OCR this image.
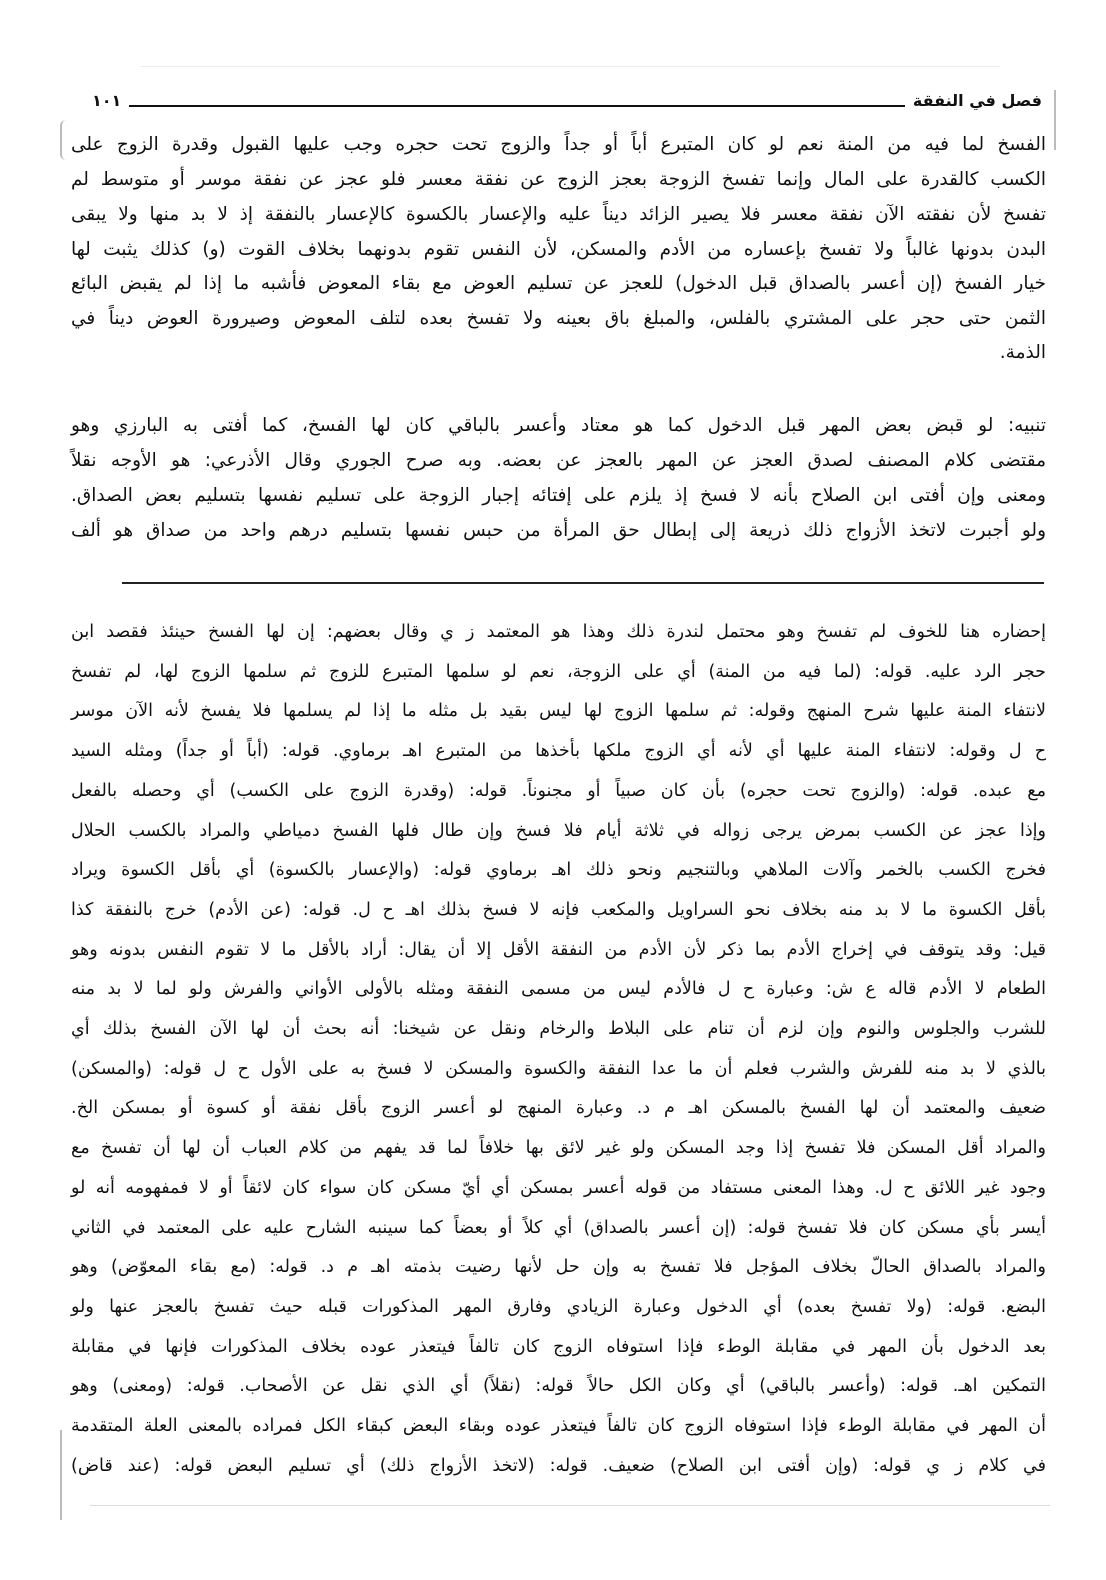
فصل في النفقة
١٠١
الفسخ لما فيه من المنة نعم لو كان المتبرع أباً أو جداً والزوج تحت حجره وجب عليها القبول وقدرة الزوج على
الكسب كالقدرة على المال وإنما تفسخ الزوجة بعجز الزوج عن نفقة معسر فلو عجز عن نفقة موسر أو متوسط لم
تفسخ لأن نفقته الآن نفقة معسر فلا يصير الزائد ديناً عليه والإعسار بالكسوة كالإعسار بالنفقة إذ لا بد منها ولا يبقى
البدن بدونها غالباً ولا تفسخ بإعساره من الأدم والمسكن، لأن النفس تقوم بدونهما بخلاف القوت (و) كذلك يثبت لها
خيار الفسخ (إن أعسر بالصداق قبل الدخول) للعجز عن تسليم العوض مع بقاء المعوض فأشبه ما إذا لم يقبض البائع
الثمن حتى حجر على المشتري بالفلس، والمبلغ باق بعينه ولا تفسخ بعده لتلف المعوض وصيرورة العوض ديناً في
الذمة.
تنبيه: لو قبض بعض المهر قبل الدخول كما هو معتاد وأعسر بالباقي كان لها الفسخ، كما أفتى به البارزي وهو
مقتضى كلام المصنف لصدق العجز عن المهر بالعجز عن بعضه. وبه صرح الجوري وقال الأذرعي: هو الأوجه نقلاً
ومعنى وإن أفتى ابن الصلاح بأنه لا فسخ إذ يلزم على إفتائه إجبار الزوجة على تسليم نفسها بتسليم بعض الصداق.
ولو أجبرت لاتخذ الأزواج ذلك ذريعة إلى إبطال حق المرأة من حبس نفسها بتسليم درهم واحد من صداق هو ألف
إحضاره هنا للخوف لم تفسخ وهو محتمل لندرة ذلك وهذا هو المعتمد ز ي وقال بعضهم: إن لها الفسخ حينئذ فقصد ابن
حجر الرد عليه. قوله: (لما فيه من المنة) أي على الزوجة، نعم لو سلمها المتبرع للزوج ثم سلمها الزوج لها، لم تفسخ
لانتفاء المنة عليها شرح المنهج وقوله: ثم سلمها الزوج لها ليس بقيد بل مثله ما إذا لم يسلمها فلا يفسخ لأنه الآن موسر
ح ل وقوله: لانتفاء المنة عليها أي لأنه أي الزوج ملكها بأخذها من المتبرع اهـ برماوي. قوله: (أباً أو جداً) ومثله السيد
مع عبده. قوله: (والزوج تحت حجره) بأن كان صبياً أو مجنوناً. قوله: (وقدرة الزوج على الكسب) أي وحصله بالفعل
وإذا عجز عن الكسب بمرض يرجى زواله في ثلاثة أيام فلا فسخ وإن طال فلها الفسخ دمياطي والمراد بالكسب الحلال
فخرج الكسب بالخمر وآلات الملاهي وبالتنجيم ونحو ذلك اهـ برماوي قوله: (والإعسار بالكسوة) أي بأقل الكسوة ويراد
بأقل الكسوة ما لا بد منه بخلاف نحو السراويل والمكعب فإنه لا فسخ بذلك اهـ ح ل. قوله: (عن الأدم) خرج بالنفقة كذا
قيل: وقد يتوقف في إخراج الأدم بما ذكر لأن الأدم من النفقة الأقل إلا أن يقال: أراد بالأقل ما لا تقوم النفس بدونه وهو
الطعام لا الأدم قاله ع ش: وعبارة ح ل فالأدم ليس من مسمى النفقة ومثله بالأولى الأواني والفرش ولو لما لا بد منه
للشرب والجلوس والنوم وإن لزم أن تنام على البلاط والرخام ونقل عن شيخنا: أنه بحث أن لها الآن الفسخ بذلك أي
بالذي لا بد منه للفرش والشرب فعلم أن ما عدا النفقة والكسوة والمسكن لا فسخ به على الأول ح ل قوله: (والمسكن)
ضعيف والمعتمد أن لها الفسخ بالمسكن اهـ م د. وعبارة المنهج لو أعسر الزوج بأقل نفقة أو كسوة أو بمسكن الخ.
والمراد أقل المسكن فلا تفسخ إذا وجد المسكن ولو غير لائق بها خلافاً لما قد يفهم من كلام العباب أن لها أن تفسخ مع
وجود غير اللائق ح ل. وهذا المعنى مستفاد من قوله أعسر بمسكن أي أيّ مسكن كان سواء كان لائقاً أو لا فمفهومه أنه لو
أيسر بأي مسكن كان فلا تفسخ قوله: (إن أعسر بالصداق) أي كلاً أو بعضاً كما سينبه الشارح عليه على المعتمد في الثاني
والمراد بالصداق الحالّ بخلاف المؤجل فلا تفسخ به وإن حل لأنها رضيت بذمته اهـ م د. قوله: (مع بقاء المعوّض) وهو
البضع. قوله: (ولا تفسخ بعده) أي الدخول وعبارة الزيادي وفارق المهر المذكورات قبله حيث تفسخ بالعجز عنها ولو
بعد الدخول بأن المهر في مقابلة الوطء فإذا استوفاه الزوج كان تالفاً فيتعذر عوده بخلاف المذكورات فإنها في مقابلة
التمكين اهـ. قوله: (وأعسر بالباقي) أي وكان الكل حالاً قوله: (نقلاً) أي الذي نقل عن الأصحاب. قوله: (ومعنى) وهو
أن المهر في مقابلة الوطء فإذا استوفاه الزوج كان تالفاً فيتعذر عوده وبقاء البعض كبقاء الكل فمراده بالمعنى العلة المتقدمة
في كلام ز ي قوله: (وإن أفتى ابن الصلاح) ضعيف. قوله: (لاتخذ الأزواج ذلك) أي تسليم البعض قوله: (عند قاض)
